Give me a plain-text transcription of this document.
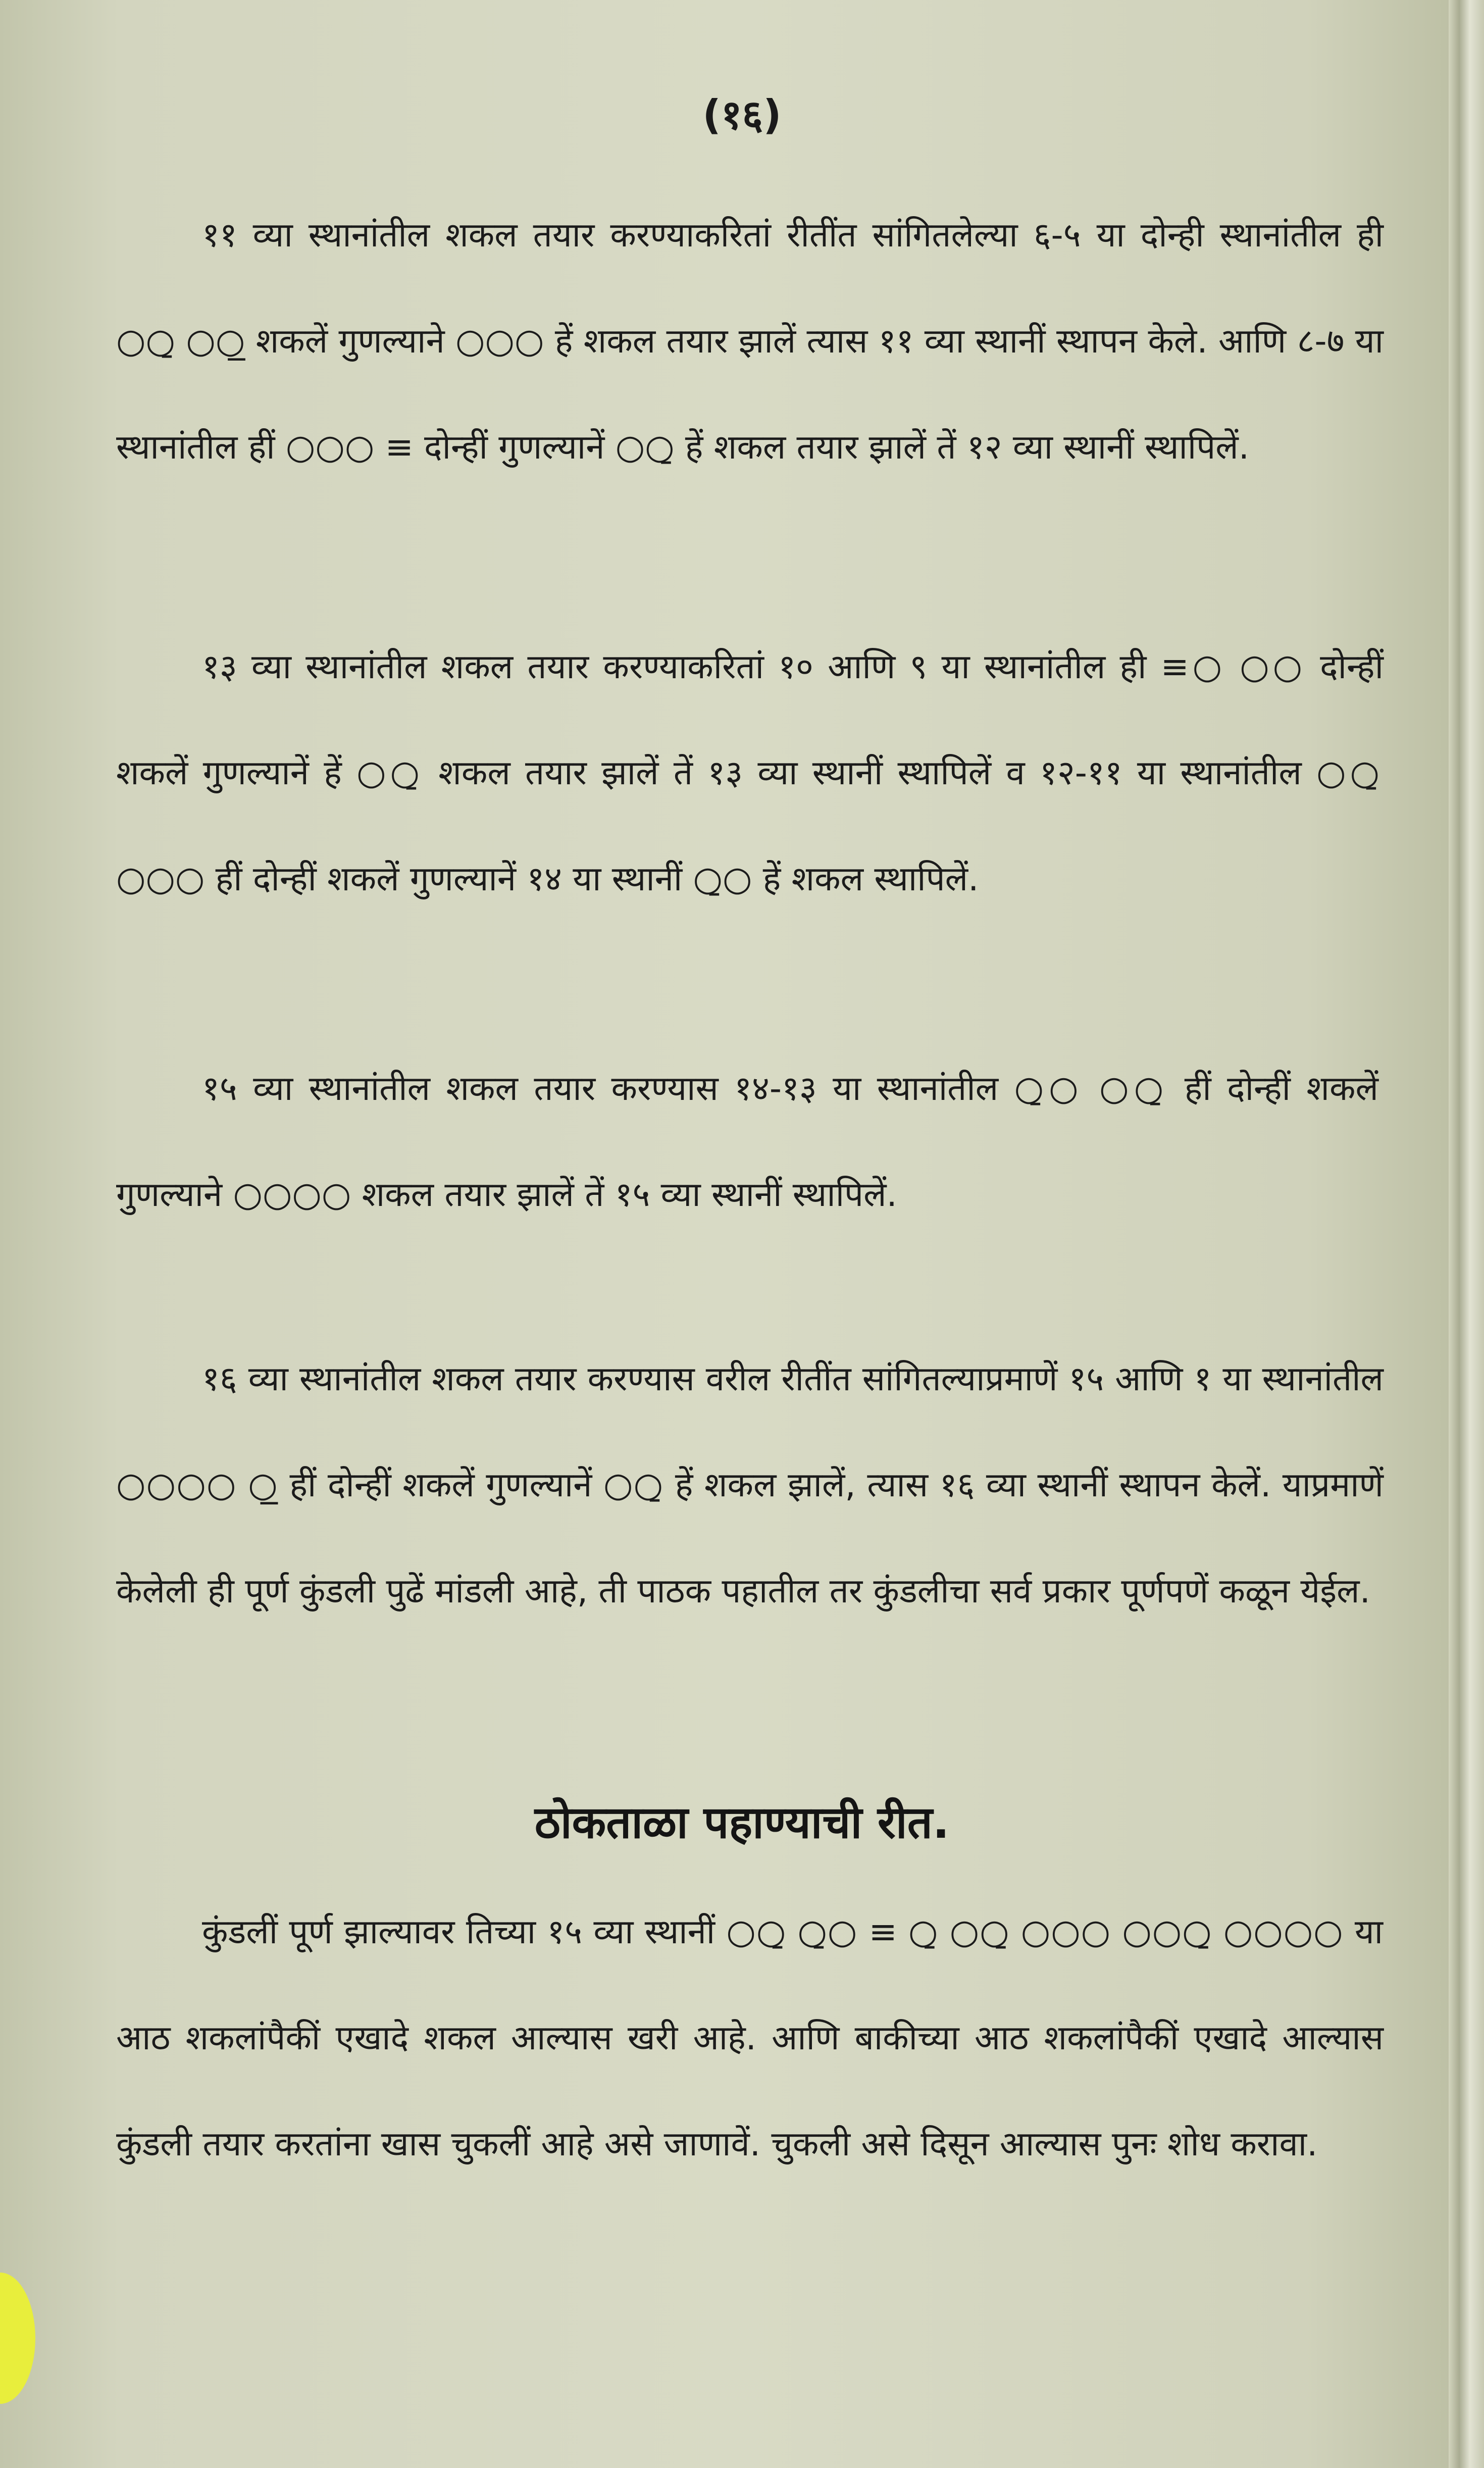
(१६)
११ व्या स्थानांतील शकल तयार करण्याकरितां रीतींत सांगितलेल्या ६-५ या दोन्ही स्थानांतील ही ○○̱ ○○̲ शकलें गुणल्याने ○○○ हें शकल तयार झालें त्यास ११ व्या स्थानीं स्थापन केले. आणि ८-७ या स्थानांतील हीं ○○○ ≡ दोन्हीं गुणल्यानें ○○̱ हें शकल तयार झालें तें १२ व्या स्थानीं स्थापिलें.
१३ व्या स्थानांतील शकल तयार करण्याकरितां १० आणि ९ या स्थानांतील ही ≡○ ○○ दोन्हीं शकलें गुणल्यानें हें ○○̱ शकल तयार झालें तें १३ व्या स्थानीं स्थापिलें व १२-११ या स्थानांतील ○○̱ ○○○ हीं दोन्हीं शकलें गुणल्यानें १४ या स्थानीं ○̱○ हें शकल स्थापिलें.
१५ व्या स्थानांतील शकल तयार करण्यास १४-१३ या स्थानांतील ○̱○ ○○̱ हीं दोन्हीं शकलें गुणल्याने ○○○○ शकल तयार झालें तें १५ व्या स्थानीं स्थापिलें.
१६ व्या स्थानांतील शकल तयार करण्यास वरील रीतींत सांगितल्याप्रमाणें १५ आणि १ या स्थानांतील ○○○○ ○̲̲ हीं दोन्हीं शकलें गुणल्यानें ○○̱ हें शकल झालें, त्यास १६ व्या स्थानीं स्थापन केलें. याप्रमाणें केलेली ही पूर्ण कुंडली पुढें मांडली आहे, ती पाठक पहातील तर कुंडलीचा सर्व प्रकार पूर्णपणें कळून येईल.
ठोकताळा पहाण्याची रीत.
कुंडलीं पूर्ण झाल्यावर तिच्या १५ व्या स्थानीं ○○̱ ○̱○ ≡ ○̱ ○○̱ ○○○ ○○○̱ ○○○○ या आठ शकलांपैकीं एखादे शकल आल्यास खरी आहे. आणि बाकीच्या आठ शकलांपैकीं एखादे आल्यास कुंडली तयार करतांना खास चुकलीं आहे असे जाणावें. चुकली असे दिसून आल्यास पुनः शोध करावा.
